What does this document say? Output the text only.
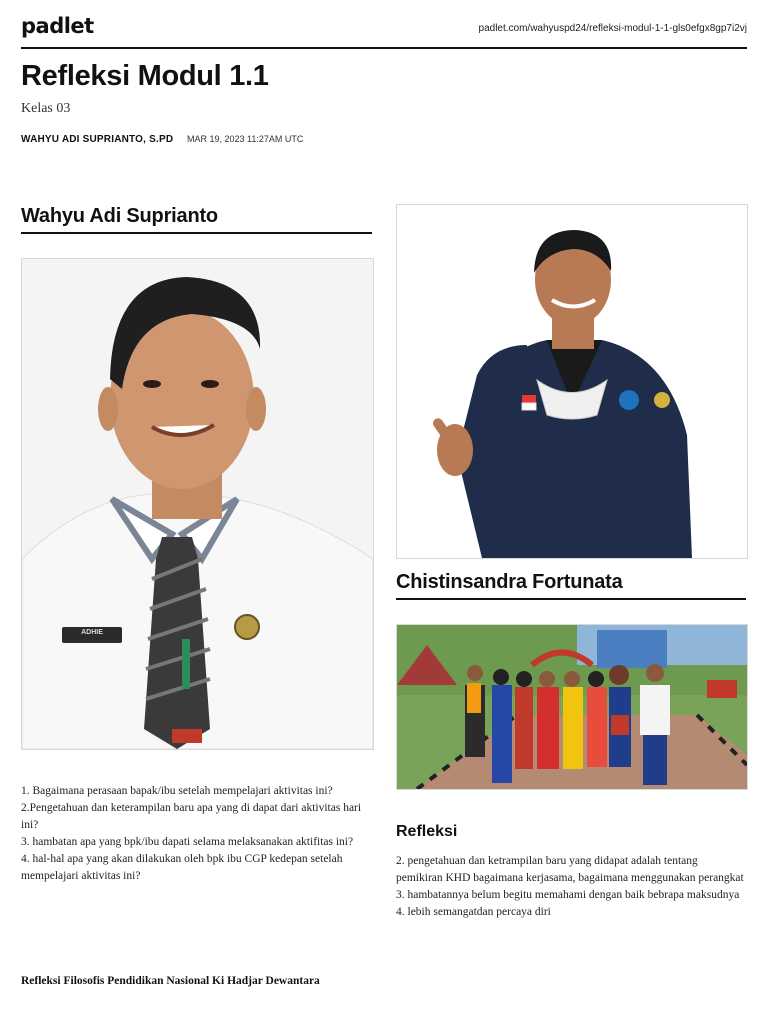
padlet	padlet.com/wahyuspd24/refleksi-modul-1-1-gls0efgx8gp7i2vj
Refleksi Modul 1.1
Kelas 03
WAHYU ADI SUPRIANTO, S.PD MAR 19, 2023 11:27AM UTC
Wahyu Adi Suprianto
ADHIE
1. Bagaimana perasaan bapak/ibu setelah mempelajari aktivitas ini?
2.Pengetahuan dan keterampilan baru apa yang di dapat dari aktivitas hari ini?
3. hambatan apa yang bpk/ibu dapati selama melaksanakan aktifitas ini?
4. hal-hal apa yang akan dilakukan oleh bpk ibu CGP kedepan setelah mempelajari aktivitas ini?
Refleksi Filosofis Pendidikan Nasional Ki Hadjar Dewantara
Chistinsandra Fortunata
Refleksi
2. pengetahuan dan ketrampilan baru yang didapat adalah tentang pemikiran KHD bagaimana kerjasama, bagaimana menggunakan perangkat
3. hambatannya belum begitu memahami dengan baik bebrapa maksudnya
4. lebih semangatdan percaya diri
